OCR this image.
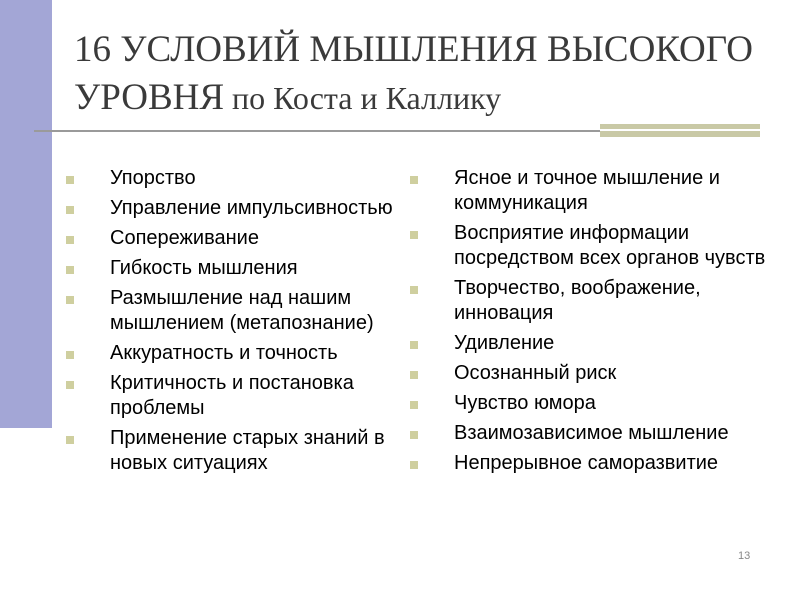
16 УСЛОВИЙ МЫШЛЕНИЯ ВЫСОКОГО
УРОВНЯ по Коста и Каллику
Упорство
Управление импульсивностью
Сопереживание
Гибкость мышления
Размышление над нашим мышлением (метапознание)
Аккуратность и точность
Критичность и постановка проблемы
Применение старых знаний в новых ситуациях
Ясное и точное мышление и коммуникация
Восприятие информации посредством всех органов чувств
Творчество, воображение, инновация
Удивление
Осознанный риск
Чувство юмора
Взаимозависимое мышление
Непрерывное саморазвитие
13
